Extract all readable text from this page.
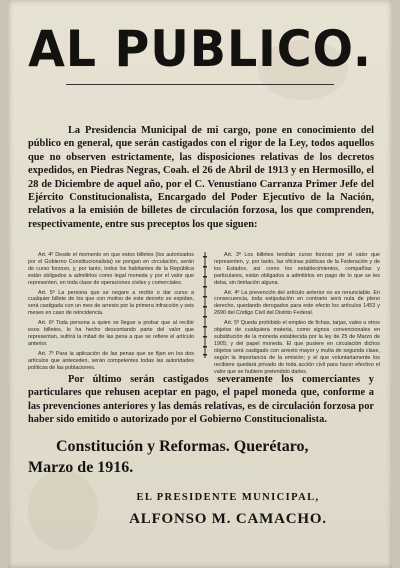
AL PUBLICO.
La Presidencia Municipal de mi cargo, pone en conocimiento del público en general, que serán castigados con el rigor de la Ley, todos aquellos que no observen estrictamente, las disposiciones relativas de los decretos expedidos, en Piedras Negras, Coah. el 26 de Abril de 1913 y en Hermosillo, el 28 de Diciembre de aquel año, por el C. Venustiano Carranza Primer Jefe del Ejército Constitucionalista, Encargado del Poder Ejecutivo de la Nación, relativos a la emisión de billetes de circulación forzosa, los que comprenden, respectivamente, entre sus preceptos los que siguen:

Art. 4º Desde el momento en que estos billetes (los autorizados por el Gobierno Constitucionalista) se pongan en circulación, serán de curso forzoso, y, por tanto, todos los habitantes de la República están obligados a admitirlos como legal moneda y por el valor que representen, en toda clase de operaciones civiles y comerciales.

Art. 5º La persona que se negare a recibir o dar curso a cualquier billete de los que con motivo de este decreto se expidan, será castigada con un mes de arresto por la primera infracción y seis meses en caso de reincidencia.

Art. 6º Toda persona a quien se llegue a probar que al recibir esos billetes, lo ha hecho descontando parte del valor que representan, sufrirá la mitad de las pena a que se refiere el artículo anterior.

Art. 7º Para la aplicación de las penas que se fijan en los dos artículos que anteceden, serán competentes todas las autoridades políticas de las poblaciones.

Art. 3º Los billetes tendrán curso forzoso por el valor que representen, y, por tanto, las oficinas públicas de la Federación y de los Estados, así como los establecimientos, compañías y particulares, están obligados a admitirlos en pago de lo que se les deba, sin limitación alguna.

Art. 4º La prevención del artículo anterior no es renunciable. En consecuencia, toda estipulación en contrario será nula de pleno derecho, quedando derogados para este efecto los artículos 1453 y 2690 del Código Civil del Distrito Federal.

Art. 5º Queda prohibido el empleo de fichas, tarjas, vales u otros objetos de cualquiera materia, como signos convencionales en substitución de la moneda establecida por la ley de 25 de Marzo de 1905; y del papel moneda. El que pusiere en circulación dichos objetos será castigado con arresto mayor y multa de segunda clase, según la importancia de la emisión; y el que voluntariamente los recibiere quedará privado de toda acción civil para hacer efectivo el valor que se hubiere pretendido darles.

Por último serán castigados severamente los comerciantes y particulares que rehusen aceptar en pago, el papel moneda que, conforme a las prevenciones anteriores y las demás relativas, es de circulación forzosa por haber sido emitido o autorizado por el Gobierno Constitucionalista.
Constitución y Reformas. Querétaro,
Marzo de 1916.
EL PRESIDENTE MUNICIPAL,
ALFONSO M. CAMACHO.
